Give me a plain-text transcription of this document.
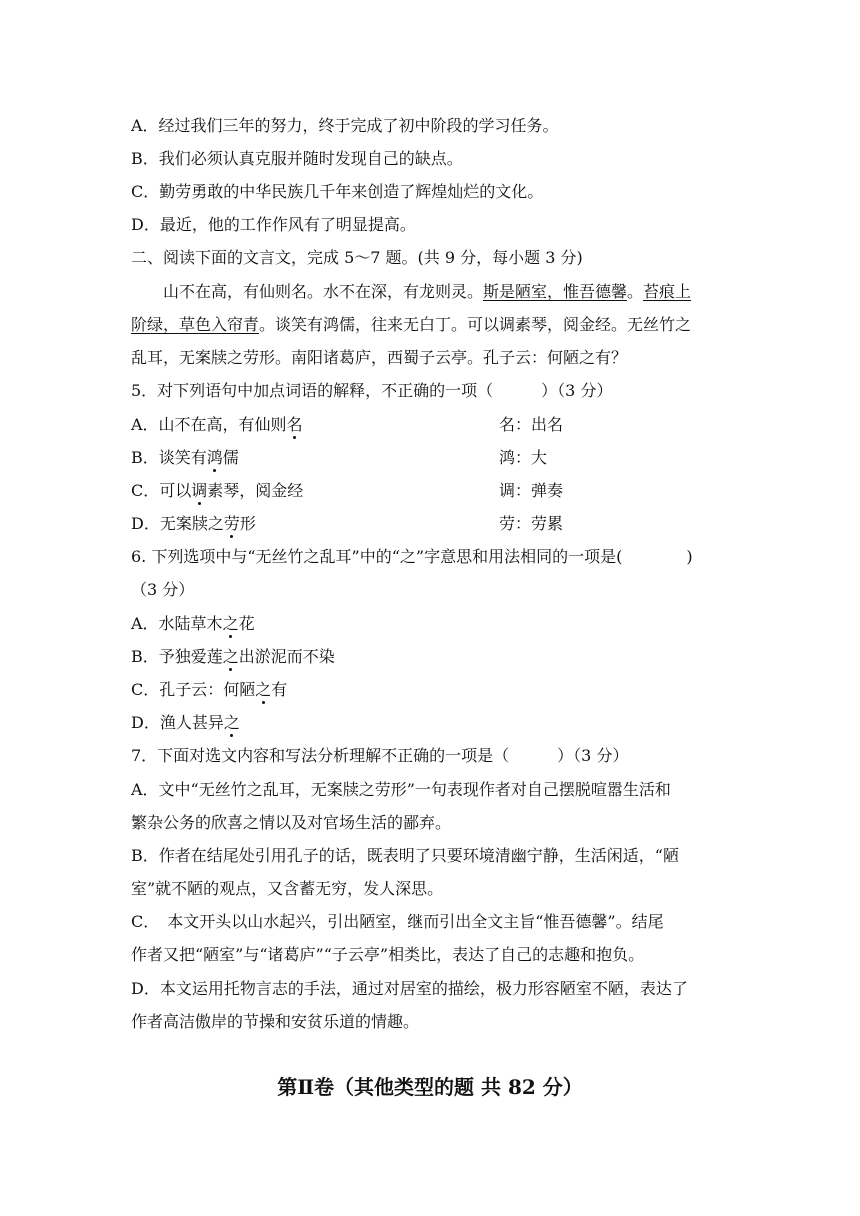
A．经过我们三年的努力，终于完成了初中阶段的学习任务。
B．我们必须认真克服并随时发现自己的缺点。
C．勤劳勇敢的中华民族几千年来创造了辉煌灿烂的文化。
D．最近，他的工作作风有了明显提高。
二、阅读下面的文言文，完成 5～7 题。(共 9 分，每小题 3 分)
山不在高，有仙则名。水不在深，有龙则灵。斯是陋室，惟吾德馨。苔痕上
阶绿，草色入帘青。谈笑有鸿儒，往来无白丁。可以调素琴，阅金经。无丝竹之
乱耳，无案牍之劳形。南阳诸葛庐，西蜀子云亭。孔子云：何陋之有？
5．对下列语句中加点词语的解释，不正确的一项（　　　）（3 分）
A．山不在高，有仙则名	名：出名
B．谈笑有鸿儒	鸿：大
C．可以调素琴，阅金经	调：弹奏
D．无案牍之劳形	劳：劳累
6. 下列选项中与“无丝竹之乱耳”中的“之”字意思和用法相同的一项是(　　　　)
（3 分）
A．水陆草木之花
B．予独爱莲之出淤泥而不染
C．孔子云：何陋之有
D．渔人甚异之
7．下面对选文内容和写法分析理解不正确的一项是（　　　）（3 分）
A．文中“无丝竹之乱耳，无案牍之劳形”一句表现作者对自己摆脱喧嚣生活和
繁杂公务的欣喜之情以及对官场生活的鄙弃。
B．作者在结尾处引用孔子的话，既表明了只要环境清幽宁静，生活闲适，“陋
室”就不陋的观点，又含蓄无穷，发人深思。
C．　本文开头以山水起兴，引出陋室，继而引出全文主旨“惟吾德馨”。结尾
作者又把“陋室”与“诸葛庐”“子云亭”相类比，表达了自己的志趣和抱负。
D．本文运用托物言志的手法，通过对居室的描绘，极力形容陋室不陋，表达了
作者高洁傲岸的节操和安贫乐道的情趣。
第Ⅱ卷（其他类型的题 共 82 分）
